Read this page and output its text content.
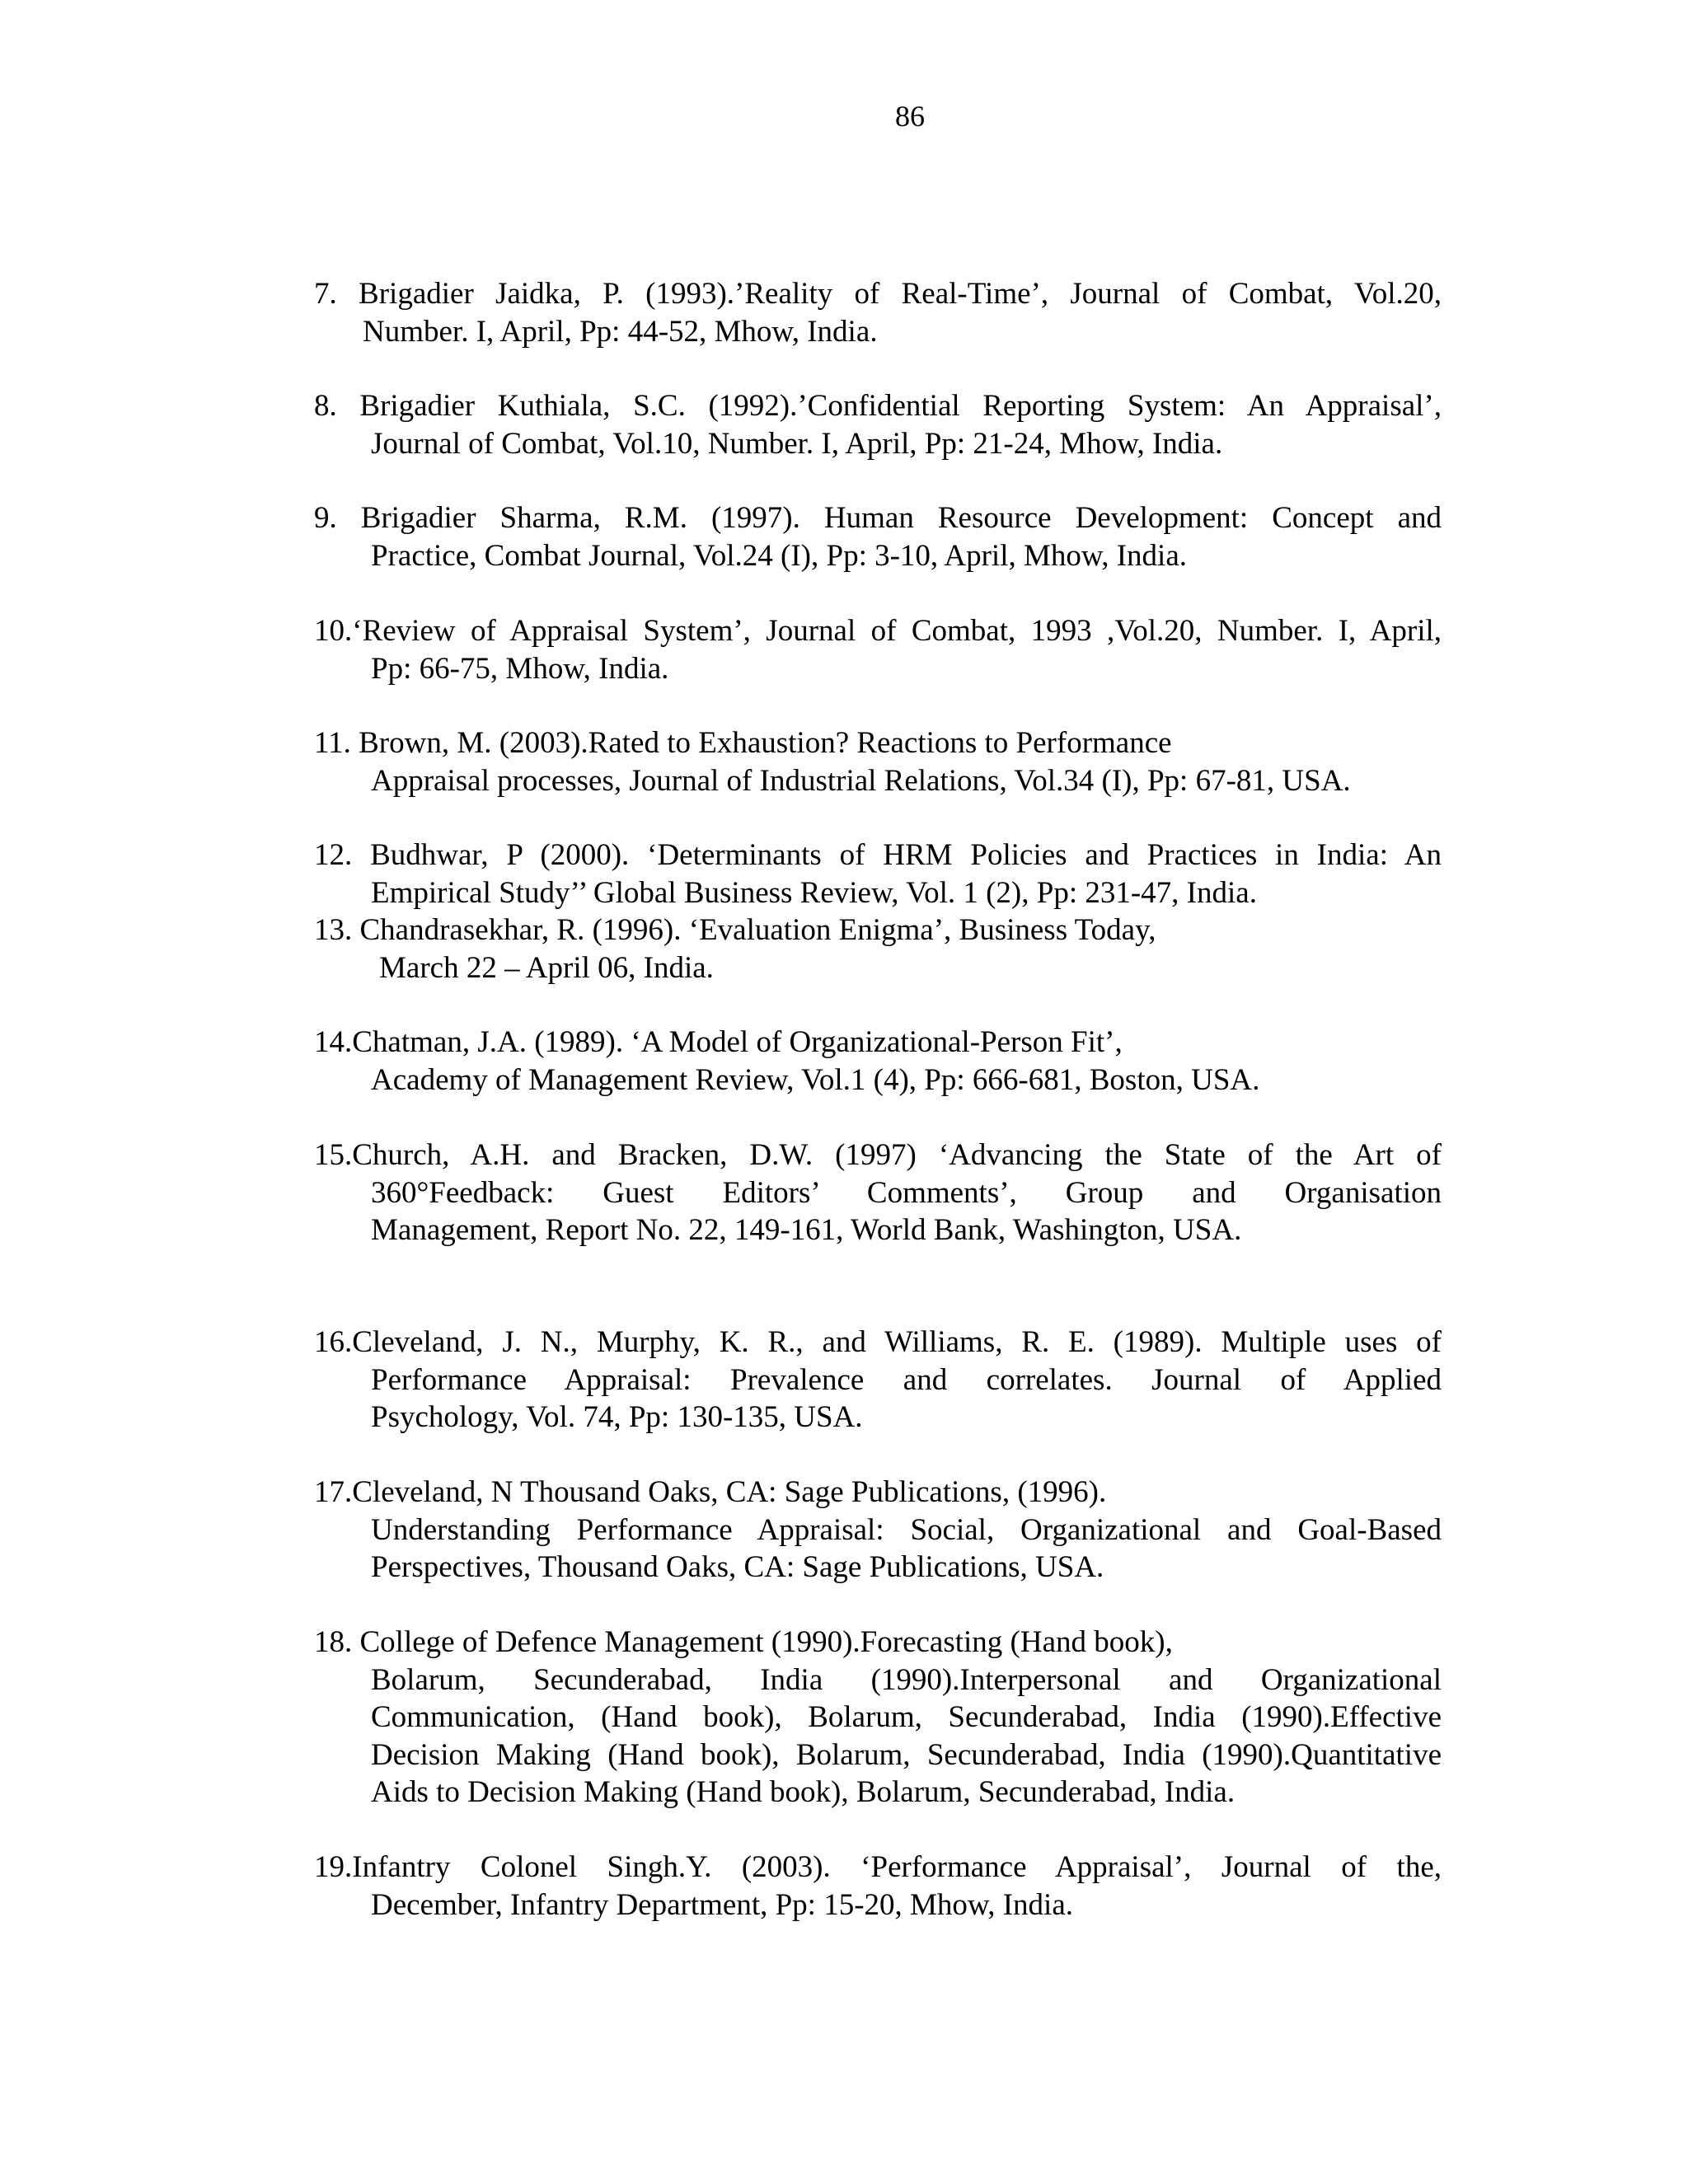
86
7. Brigadier Jaidka, P. (1993).’Reality of Real-Time’, Journal of Combat, Vol.20,
Number. I, April, Pp: 44-52, Mhow, India.
8. Brigadier Kuthiala, S.C. (1992).’Confidential Reporting System: An Appraisal’,
Journal of Combat, Vol.10, Number. I, April, Pp: 21-24, Mhow, India.
9. Brigadier Sharma, R.M. (1997). Human Resource Development: Concept and
Practice, Combat Journal, Vol.24 (I), Pp: 3-10, April, Mhow, India.
10.‘Review of Appraisal System’, Journal of Combat, 1993 ,Vol.20, Number. I, April,
Pp: 66-75, Mhow, India.
11. Brown, M. (2003).Rated to Exhaustion? Reactions to Performance
Appraisal processes, Journal of Industrial Relations, Vol.34 (I), Pp: 67-81, USA.
12. Budhwar, P (2000). ‘Determinants of HRM Policies and Practices in India: An
Empirical Study’’ Global Business Review, Vol. 1 (2), Pp: 231-47, India.
13. Chandrasekhar, R. (1996). ‘Evaluation Enigma’, Business Today,
March 22 – April 06, India.
14.Chatman, J.A. (1989). ‘A Model of Organizational-Person Fit’,
Academy of Management Review, Vol.1 (4), Pp: 666-681, Boston, USA.
15.Church, A.H. and Bracken, D.W. (1997) ‘Advancing the State of the Art of
360°Feedback: Guest Editors’ Comments’, Group and Organisation
Management, Report No. 22, 149-161, World Bank, Washington, USA.
16.Cleveland, J. N., Murphy, K. R., and Williams, R. E. (1989). Multiple uses of
Performance Appraisal: Prevalence and correlates. Journal of Applied
Psychology, Vol. 74, Pp: 130-135, USA.
17.Cleveland, N Thousand Oaks, CA: Sage Publications, (1996).
Understanding Performance Appraisal: Social, Organizational and Goal-Based
Perspectives, Thousand Oaks, CA: Sage Publications, USA.
18. College of Defence Management (1990).Forecasting (Hand book),
Bolarum, Secunderabad, India (1990).Interpersonal and Organizational
Communication, (Hand book), Bolarum, Secunderabad, India (1990).Effective
Decision Making (Hand book), Bolarum, Secunderabad, India (1990).Quantitative
Aids to Decision Making (Hand book), Bolarum, Secunderabad, India.
19.Infantry Colonel Singh.Y. (2003). ‘Performance Appraisal’, Journal of the,
December, Infantry Department, Pp: 15-20, Mhow, India.
